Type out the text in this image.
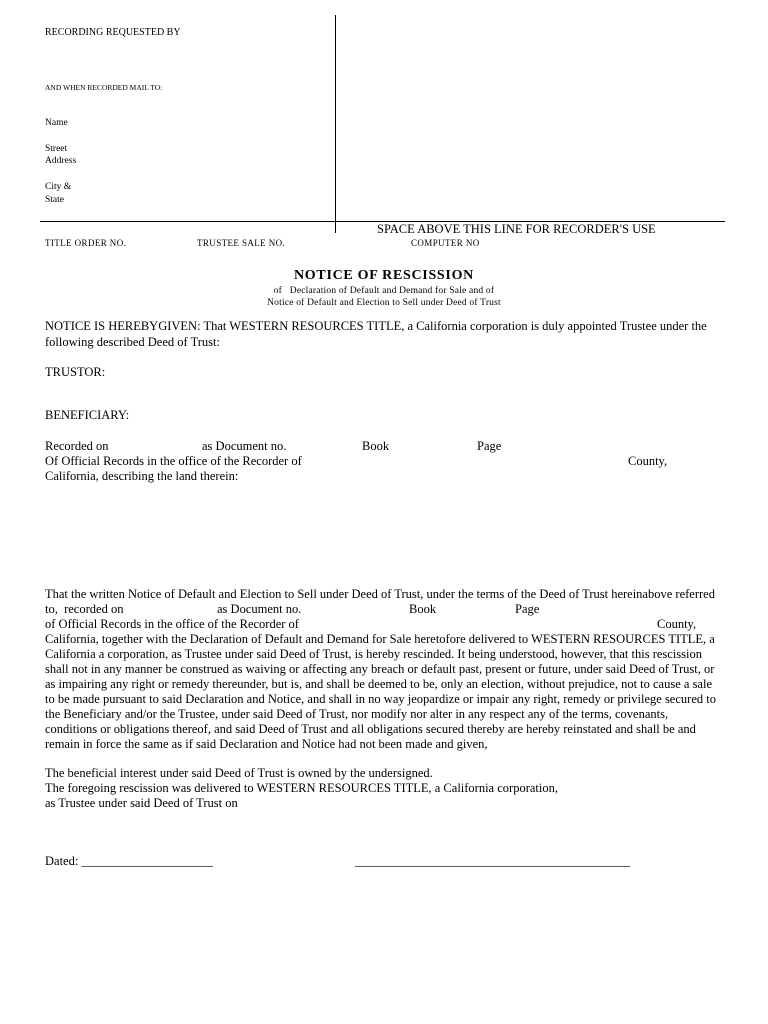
RECORDING REQUESTED BY
AND WHEN RECORDED MAIL TO:
Name
Street
Address
City &
State
SPACE ABOVE THIS LINE FOR RECORDER'S USE
TITLE ORDER NO.	TRUSTEE SALE NO.	COMPUTER NO
NOTICE OF RESCISSION
of   Declaration of Default and Demand for Sale and of
Notice of Default and Election to Sell under Deed of Trust
NOTICE IS HEREBYGIVEN: That WESTERN RESOURCES TITLE, a California corporation is duly appointed Trustee under the
following described Deed of Trust:
TRUSTOR:
BENEFICIARY:
Recorded on	as Document no.	Book	Page
Of Official Records in the office of the Recorder of	County,
California, describing the land therein:
That the written Notice of Default and Election to Sell under Deed of Trust, under the terms of the Deed of Trust hereinabove referred
to,  recorded on	as Document no.	Book	Page
of Official Records in the office of the Recorder of	County,
California, together with the Declaration of Default and Demand for Sale heretofore delivered to WESTERN RESOURCES TITLE, a
California a corporation, as Trustee under said Deed of Trust, is hereby rescinded. It being understood, however, that this rescission
shall not in any manner be construed as waiving or affecting any breach or default past, present or future, under said Deed of Trust, or
as impairing any right or remedy thereunder, but is, and shall be deemed to be, only an election, without prejudice, not to cause a sale
to be made pursuant to said Declaration and Notice, and shall in no way jeopardize or impair any right, remedy or privilege secured to
the Beneficiary and/or the Trustee, under said Deed of Trust, nor modify nor alter in any respect any of the terms, covenants,
conditions or obligations thereof, and said Deed of Trust and all obligations secured thereby are hereby reinstated and shall be and
remain in force the same as if said Declaration and Notice had not been made and given,
The beneficial interest under said Deed of Trust is owned by the undersigned.
The foregoing rescission was delivered to WESTERN RESOURCES TITLE, a California corporation,
as Trustee under said Deed of Trust on
Dated: _____________________	____________________________________________
